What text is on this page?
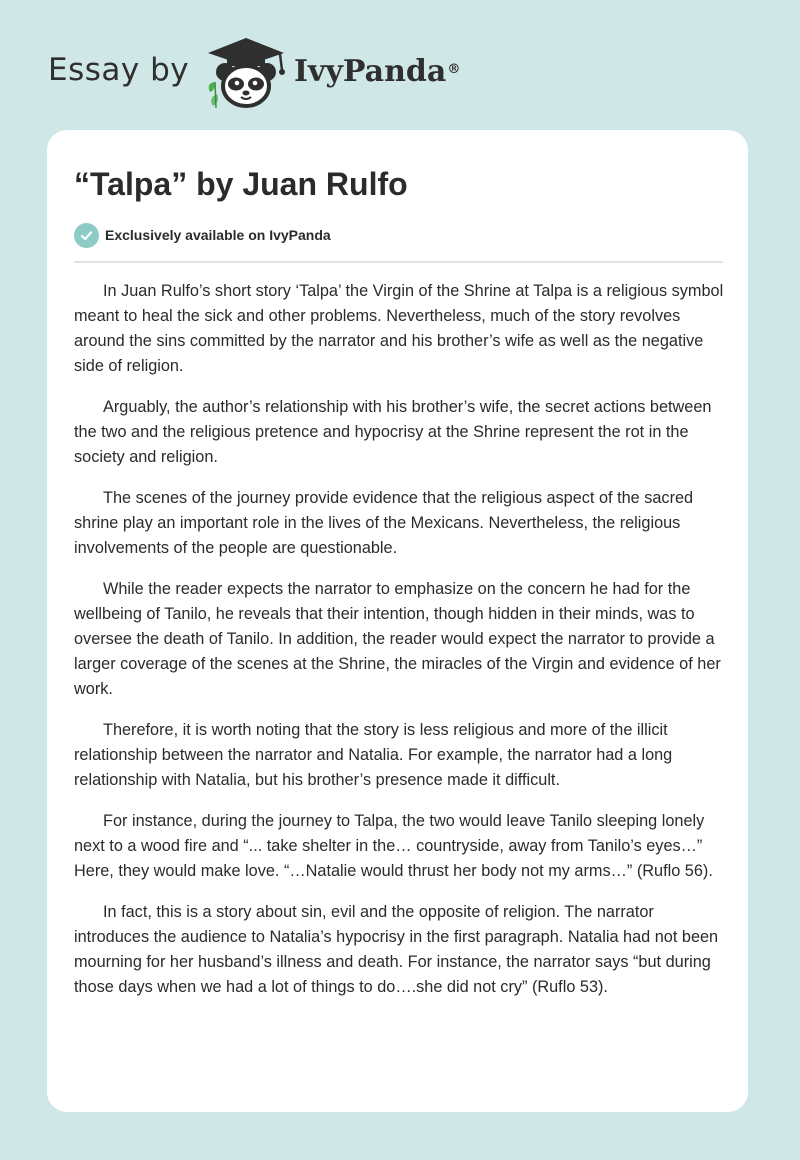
Essay by	IvyPanda®
“Talpa” by Juan Rulfo
Exclusively available on IvyPanda

In Juan Rulfo’s short story ‘Talpa’ the Virgin of the Shrine at Talpa is a religious symbol meant to heal the sick and other problems. Nevertheless, much of the story revolves around the sins committed by the narrator and his brother’s wife as well as the negative side of religion.

Arguably, the author’s relationship with his brother’s wife, the secret actions between the two and the religious pretence and hypocrisy at the Shrine represent the rot in the society and religion.

The scenes of the journey provide evidence that the religious aspect of the sacred shrine play an important role in the lives of the Mexicans. Nevertheless, the religious involvements of the people are questionable.

While the reader expects the narrator to emphasize on the concern he had for the wellbeing of Tanilo, he reveals that their intention, though hidden in their minds, was to oversee the death of Tanilo. In addition, the reader would expect the narrator to provide a larger coverage of the scenes at the Shrine, the miracles of the Virgin and evidence of her work.

Therefore, it is worth noting that the story is less religious and more of the illicit relationship between the narrator and Natalia. For example, the narrator had a long relationship with Natalia, but his brother’s presence made it difficult.

For instance, during the journey to Talpa, the two would leave Tanilo sleeping lonely next to a wood fire and “... take shelter in the… countryside, away from Tanilo’s eyes…” Here, they would make love. “…Natalie would thrust her body not my arms…” (Ruflo 56).

In fact, this is a story about sin, evil and the opposite of religion. The narrator introduces the audience to Natalia’s hypocrisy in the first paragraph. Natalia had not been mourning for her husband’s illness and death. For instance, the narrator says “but during those days when we had a lot of things to do….she did not cry” (Ruflo 53).
